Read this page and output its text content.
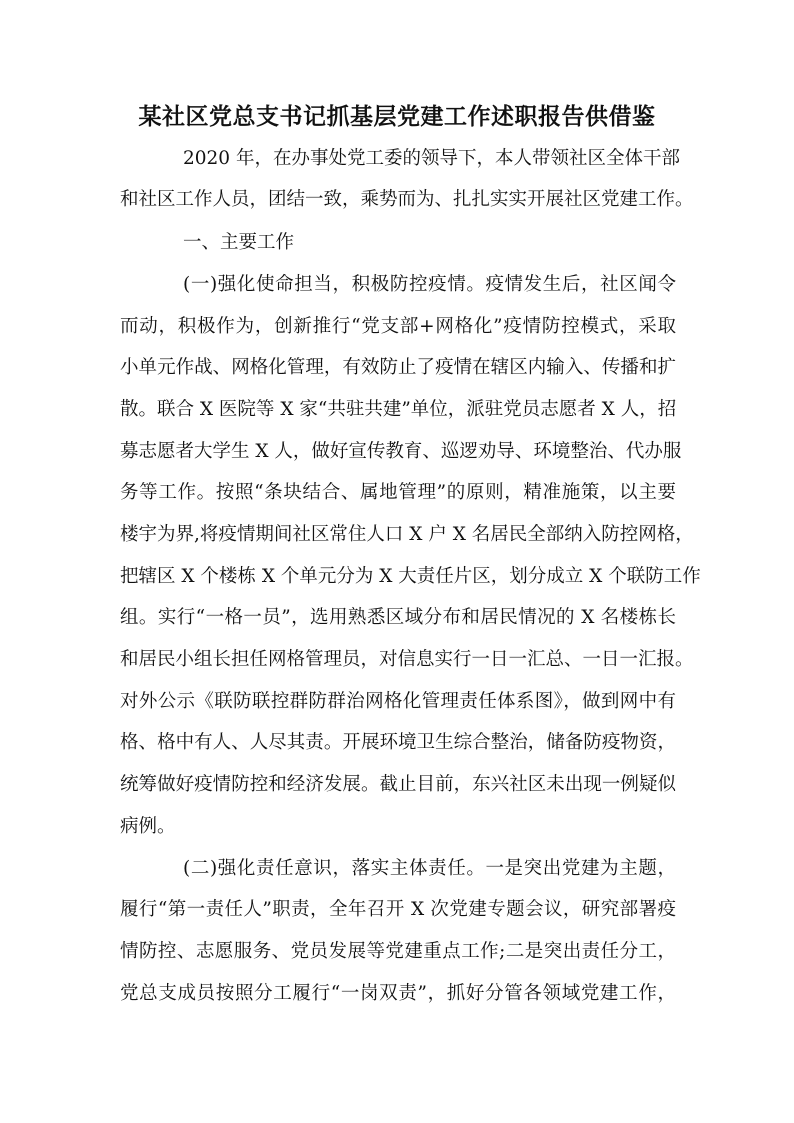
某社区党总支书记抓基层党建工作述职报告供借鉴
2020 年，在办事处党工委的领导下，本人带领社区全体干部
和社区工作人员，团结一致，乘势而为、扎扎实实开展社区党建工作。
一、主要工作
(一)强化使命担当，积极防控疫情。疫情发生后，社区闻令
而动，积极作为，创新推行“党支部+网格化”疫情防控模式，采取
小单元作战、网格化管理，有效防止了疫情在辖区内输入、传播和扩
散。联合 X 医院等 X 家“共驻共建”单位，派驻党员志愿者 X 人，招
募志愿者大学生 X 人，做好宣传教育、巡逻劝导、环境整治、代办服
务等工作。按照“条块结合、属地管理”的原则，精准施策，以主要
楼宇为界,将疫情期间社区常住人口 X 户 X 名居民全部纳入防控网格，
把辖区 X 个楼栋 X 个单元分为 X 大责任片区，划分成立 X 个联防工作
组。实行“一格一员”，选用熟悉区域分布和居民情况的 X 名楼栋长
和居民小组长担任网格管理员，对信息实行一日一汇总、一日一汇报。
对外公示《联防联控群防群治网格化管理责任体系图》，做到网中有
格、格中有人、人尽其责。开展环境卫生综合整治，储备防疫物资，
统筹做好疫情防控和经济发展。截止目前，东兴社区未出现一例疑似
病例。
(二)强化责任意识，落实主体责任。一是突出党建为主题，
履行“第一责任人”职责，全年召开 X 次党建专题会议，研究部署疫
情防控、志愿服务、党员发展等党建重点工作;二是突出责任分工，
党总支成员按照分工履行“一岗双责”，抓好分管各领域党建工作，
